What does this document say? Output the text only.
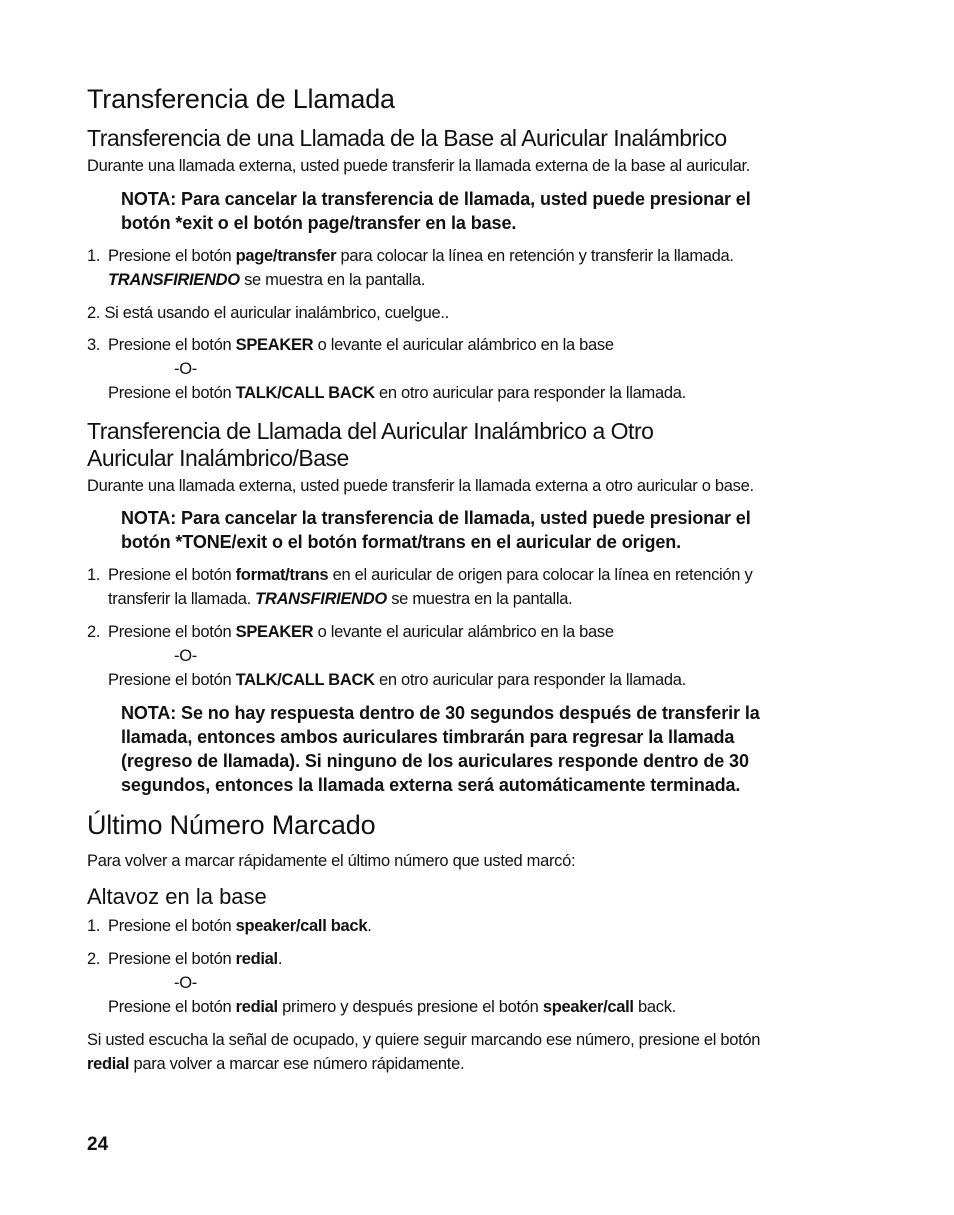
Transferencia de Llamada
Transferencia de una Llamada de la Base al Auricular Inalámbrico
Durante una llamada externa, usted puede transferir la llamada externa de la base al auricular.
NOTA: Para cancelar la transferencia de llamada, usted puede presionar el
botón *exit o el botón page/transfer en la base.
1. Presione el botón page/transfer para colocar la línea en retención y transferir la llamada.
TRANSFIRIENDO se muestra en la pantalla.
2. Si está usando el auricular inalámbrico, cuelgue..
3. Presione el botón SPEAKER o levante el auricular alámbrico en la base
-O-
Presione el botón TALK/CALL BACK en otro auricular para responder la llamada.
Transferencia de Llamada del Auricular Inalámbrico a Otro
Auricular Inalámbrico/Base
Durante una llamada externa, usted puede transferir la llamada externa a otro auricular o base.
NOTA: Para cancelar la transferencia de llamada, usted puede presionar el
botón *TONE/exit o el botón format/trans en el auricular de origen.
1. Presione el botón format/trans en el auricular de origen para colocar la línea en retención y
transferir la llamada. TRANSFIRIENDO se muestra en la pantalla.
2. Presione el botón SPEAKER o levante el auricular alámbrico en la base
-O-
Presione el botón TALK/CALL BACK en otro auricular para responder la llamada.
NOTA: Se no hay respuesta dentro de 30 segundos después de transferir la
llamada, entonces ambos auriculares timbrarán para regresar la llamada
(regreso de llamada). Si ninguno de los auriculares responde dentro de 30
segundos, entonces la llamada externa será automáticamente terminada.
Último Número Marcado
Para volver a marcar rápidamente el último número que usted marcó:
Altavoz en la base
1. Presione el botón speaker/call back.
2. Presione el botón redial.
-O-
Presione el botón redial primero y después presione el botón speaker/call back.
Si usted escucha la señal de ocupado, y quiere seguir marcando ese número, presione el botón
redial para volver a marcar ese número rápidamente.
24
